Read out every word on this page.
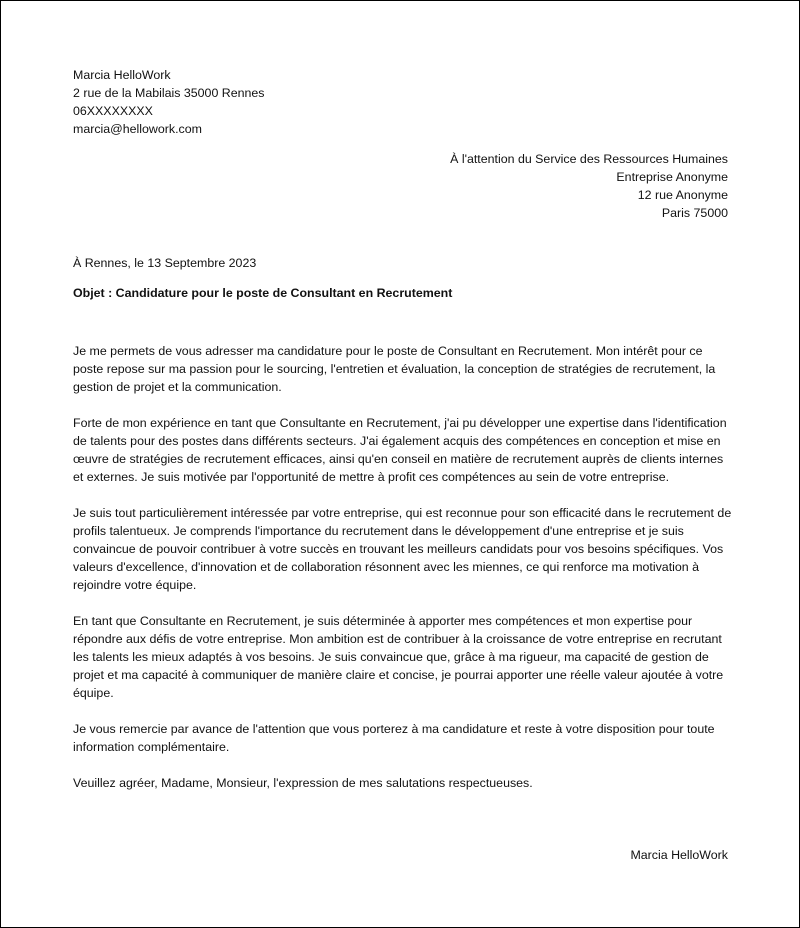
Marcia HelloWork
2 rue de la Mabilais 35000 Rennes
06XXXXXXXX
marcia@hellowork.com
À l'attention du Service des Ressources Humaines
Entreprise Anonyme
12 rue Anonyme
Paris 75000
À Rennes, le 13 Septembre 2023
Objet : Candidature pour le poste de Consultant en Recrutement

Je me permets de vous adresser ma candidature pour le poste de Consultant en Recrutement. Mon intérêt pour ce poste repose sur ma passion pour le sourcing, l'entretien et évaluation, la conception de stratégies de recrutement, la gestion de projet et la communication.

Forte de mon expérience en tant que Consultante en Recrutement, j'ai pu développer une expertise dans l'identification de talents pour des postes dans différents secteurs. J'ai également acquis des compétences en conception et mise en œuvre de stratégies de recrutement efficaces, ainsi qu'en conseil en matière de recrutement auprès de clients internes et externes. Je suis motivée par l'opportunité de mettre à profit ces compétences au sein de votre entreprise.

Je suis tout particulièrement intéressée par votre entreprise, qui est reconnue pour son efficacité dans le recrutement de profils talentueux. Je comprends l'importance du recrutement dans le développement d'une entreprise et je suis convaincue de pouvoir contribuer à votre succès en trouvant les meilleurs candidats pour vos besoins spécifiques. Vos valeurs d'excellence, d'innovation et de collaboration résonnent avec les miennes, ce qui renforce ma motivation à rejoindre votre équipe.

En tant que Consultante en Recrutement, je suis déterminée à apporter mes compétences et mon expertise pour répondre aux défis de votre entreprise. Mon ambition est de contribuer à la croissance de votre entreprise en recrutant les talents les mieux adaptés à vos besoins. Je suis convaincue que, grâce à ma rigueur, ma capacité de gestion de projet et ma capacité à communiquer de manière claire et concise, je pourrai apporter une réelle valeur ajoutée à votre équipe.

Je vous remercie par avance de l'attention que vous porterez à ma candidature et reste à votre disposition pour toute information complémentaire.

Veuillez agréer, Madame, Monsieur, l'expression de mes salutations respectueuses.

Marcia HelloWork
